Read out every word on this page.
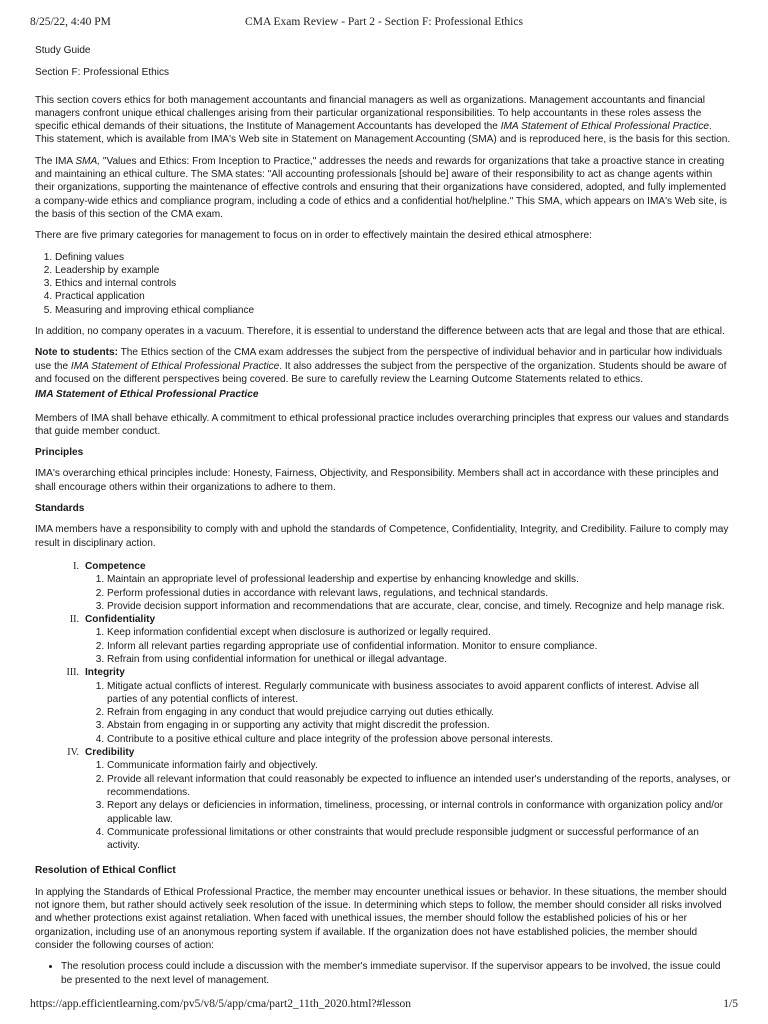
8/25/22, 4:40 PM	CMA Exam Review - Part 2 - Section F: Professional Ethics

Study Guide

Section F: Professional Ethics

This section covers ethics for both management accountants and financial managers as well as organizations. Management accountants and financial managers confront unique ethical challenges arising from their particular organizational responsibilities. To help accountants in these roles assess the specific ethical demands of their situations, the Institute of Management Accountants has developed the IMA Statement of Ethical Professional Practice. This statement, which is available from IMA's Web site in Statement on Management Accounting (SMA) and is reproduced here, is the basis for this section.

The IMA SMA, "Values and Ethics: From Inception to Practice," addresses the needs and rewards for organizations that take a proactive stance in creating and maintaining an ethical culture. The SMA states: "All accounting professionals [should be] aware of their responsibility to act as change agents within their organizations, supporting the maintenance of effective controls and ensuring that their organizations have considered, adopted, and fully implemented a company-wide ethics and compliance program, including a code of ethics and a confidential hot/helpline." This SMA, which appears on IMA's Web site, is the basis of this section of the CMA exam.

There are five primary categories for management to focus on in order to effectively maintain the desired ethical atmosphere:

1. Defining values
2. Leadership by example
3. Ethics and internal controls
4. Practical application
5. Measuring and improving ethical compliance

In addition, no company operates in a vacuum. Therefore, it is essential to understand the difference between acts that are legal and those that are ethical.

Note to students: The Ethics section of the CMA exam addresses the subject from the perspective of individual behavior and in particular how individuals use the IMA Statement of Ethical Professional Practice. It also addresses the subject from the perspective of the organization. Students should be aware of and focused on the different perspectives being covered. Be sure to carefully review the Learning Outcome Statements related to ethics.

IMA Statement of Ethical Professional Practice

Members of IMA shall behave ethically. A commitment to ethical professional practice includes overarching principles that express our values and standards that guide member conduct.

Principles

IMA's overarching ethical principles include: Honesty, Fairness, Objectivity, and Responsibility. Members shall act in accordance with these principles and shall encourage others within their organizations to adhere to them.

Standards

IMA members have a responsibility to comply with and uphold the standards of Competence, Confidentiality, Integrity, and Credibility. Failure to comply may result in disciplinary action.

I. Competence
1. Maintain an appropriate level of professional leadership and expertise by enhancing knowledge and skills.
2. Perform professional duties in accordance with relevant laws, regulations, and technical standards.
3. Provide decision support information and recommendations that are accurate, clear, concise, and timely. Recognize and help manage risk.
II. Confidentiality
1. Keep information confidential except when disclosure is authorized or legally required.
2. Inform all relevant parties regarding appropriate use of confidential information. Monitor to ensure compliance.
3. Refrain from using confidential information for unethical or illegal advantage.
III. Integrity
1. Mitigate actual conflicts of interest. Regularly communicate with business associates to avoid apparent conflicts of interest. Advise all parties of any potential conflicts of interest.
2. Refrain from engaging in any conduct that would prejudice carrying out duties ethically.
3. Abstain from engaging in or supporting any activity that might discredit the profession.
4. Contribute to a positive ethical culture and place integrity of the profession above personal interests.
IV. Credibility
1. Communicate information fairly and objectively.
2. Provide all relevant information that could reasonably be expected to influence an intended user's understanding of the reports, analyses, or recommendations.
3. Report any delays or deficiencies in information, timeliness, processing, or internal controls in conformance with organization policy and/or applicable law.
4. Communicate professional limitations or other constraints that would preclude responsible judgment or successful performance of an activity.

Resolution of Ethical Conflict

In applying the Standards of Ethical Professional Practice, the member may encounter unethical issues or behavior. In these situations, the member should not ignore them, but rather should actively seek resolution of the issue. In determining which steps to follow, the member should consider all risks involved and whether protections exist against retaliation. When faced with unethical issues, the member should follow the established policies of his or her organization, including use of an anonymous reporting system if available. If the organization does not have established policies, the member should consider the following courses of action:

• The resolution process could include a discussion with the member's immediate supervisor. If the supervisor appears to be involved, the issue could be presented to the next level of management.
https://app.efficientlearning.com/pv5/v8/5/app/cma/part2_11th_2020.html?#lesson	1/5
